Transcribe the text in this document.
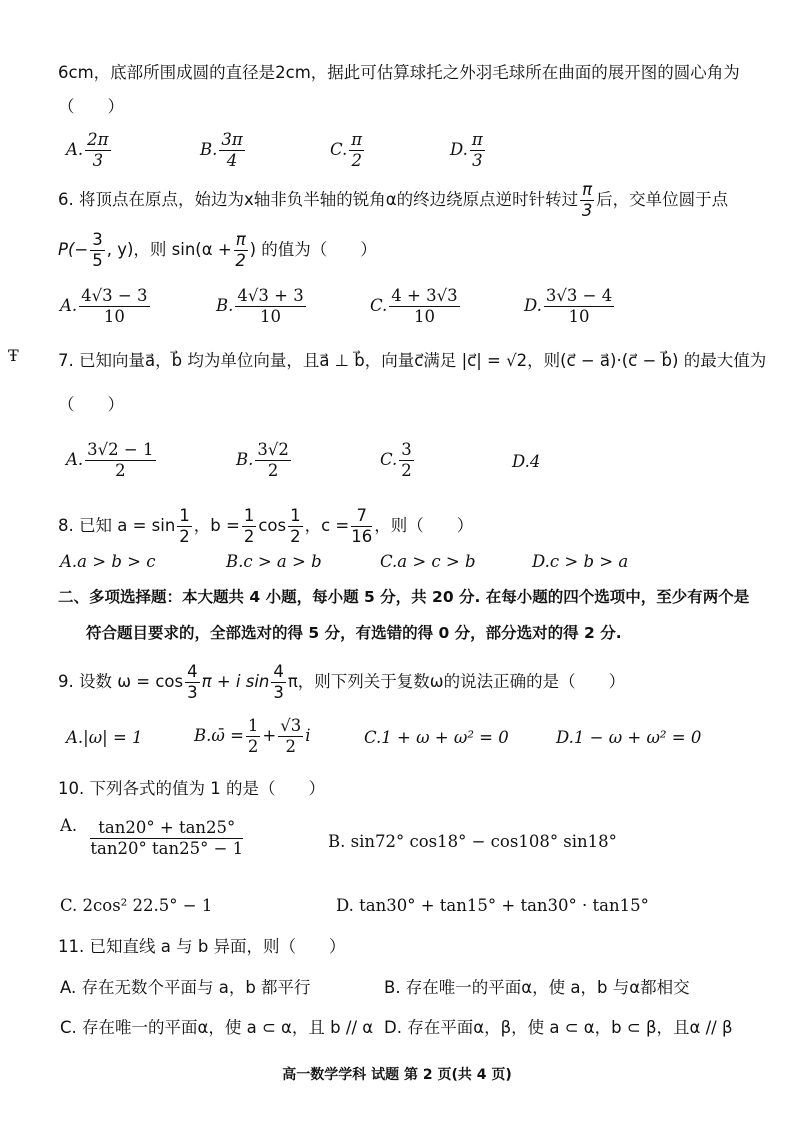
6cm，底部所围成圆的直径是2cm，据此可估算球托之外羽毛球所在曲面的展开图的圆心角为
（　　）
A. $\frac{2\pi}{3}$	B. $\frac{3\pi}{4}$	C. $\frac{\pi}{2}$	D. $\frac{\pi}{3}$
6. 将顶点在原点，始边为x轴非负半轴的锐角α的终边绕原点逆时针转过 $\frac{\pi}{3}$ 后，交单位圆于点
$P(- \frac{3}{5}$ , y)，则 $\sin(\alpha + \frac{\pi}{2}$ ) 的值为（　　）
A. $\frac{4√3 - 3}{10}$	B. $\frac{4√3 + 3}{10}$	C. $\frac{4 + 3√3}{10}$	D. $\frac{3√3 - 4}{10}$
Ŧ 7. 已知向量a⃗，b⃗ 均为单位向量，且a⃗ ⊥ b⃗，向量c⃗满足 |c⃗| = √2，则(c⃗ − a⃗)·(c⃗ − b⃗) 的最大值为
（　　）
A. $\frac{3√2 - 1}{2}$	B. $\frac{3√2}{2}$	C. $\frac{3}{2}$	D.4
8. 已知 $a = \sin \frac{1}{2}$ ，$b = \frac{1}{2}$ $\cos \frac{1}{2}$ ，$c = \frac{7}{16}$ ，则（　　）
A.a > b > c	B.c > a > b	C.a > c > b	D.c > b > a
二、多项选择题：本大题共 4 小题，每小题 5 分，共 20 分. 在每小题的四个选项中，至少有两个是
符合题目要求的，全部选对的得 5 分，有选错的得 0 分，部分选对的得 2 分.
9. 设数 $\omega = \cos \frac{4}{3}$ π + i $\sin \frac{4}{3}$ π，则下列关于复数ω的说法正确的是（　　）
A.|ω| = 1	B.ω̄ = $\frac{1}{2} + \frac{√3}{2}$ i	C.1 + ω + ω² = 0	D.1 − ω + ω² = 0
10. 下列各式的值为 1 的是（　　）
A. $\frac{\tan 20^\circ + \tan 25^\circ}{\tan 20^\circ \tan 25^\circ - 1}$	B. sin72° cos18° − cos108° sin18°
C. 2cos² 22.5° − 1	D. tan30° + tan15° + tan30° · tan15°
11. 已知直线 a 与 b 异面，则（　　）
A. 存在无数个平面与 a，b 都平行	B. 存在唯一的平面α，使 a，b 与α都相交
C. 存在唯一的平面α，使 a ⊂ α，且 b // α D. 存在平面α，β，使 a ⊂ α，b ⊂ β，且α // β
高一数学学科 试题 第 2 页(共 4 页)
